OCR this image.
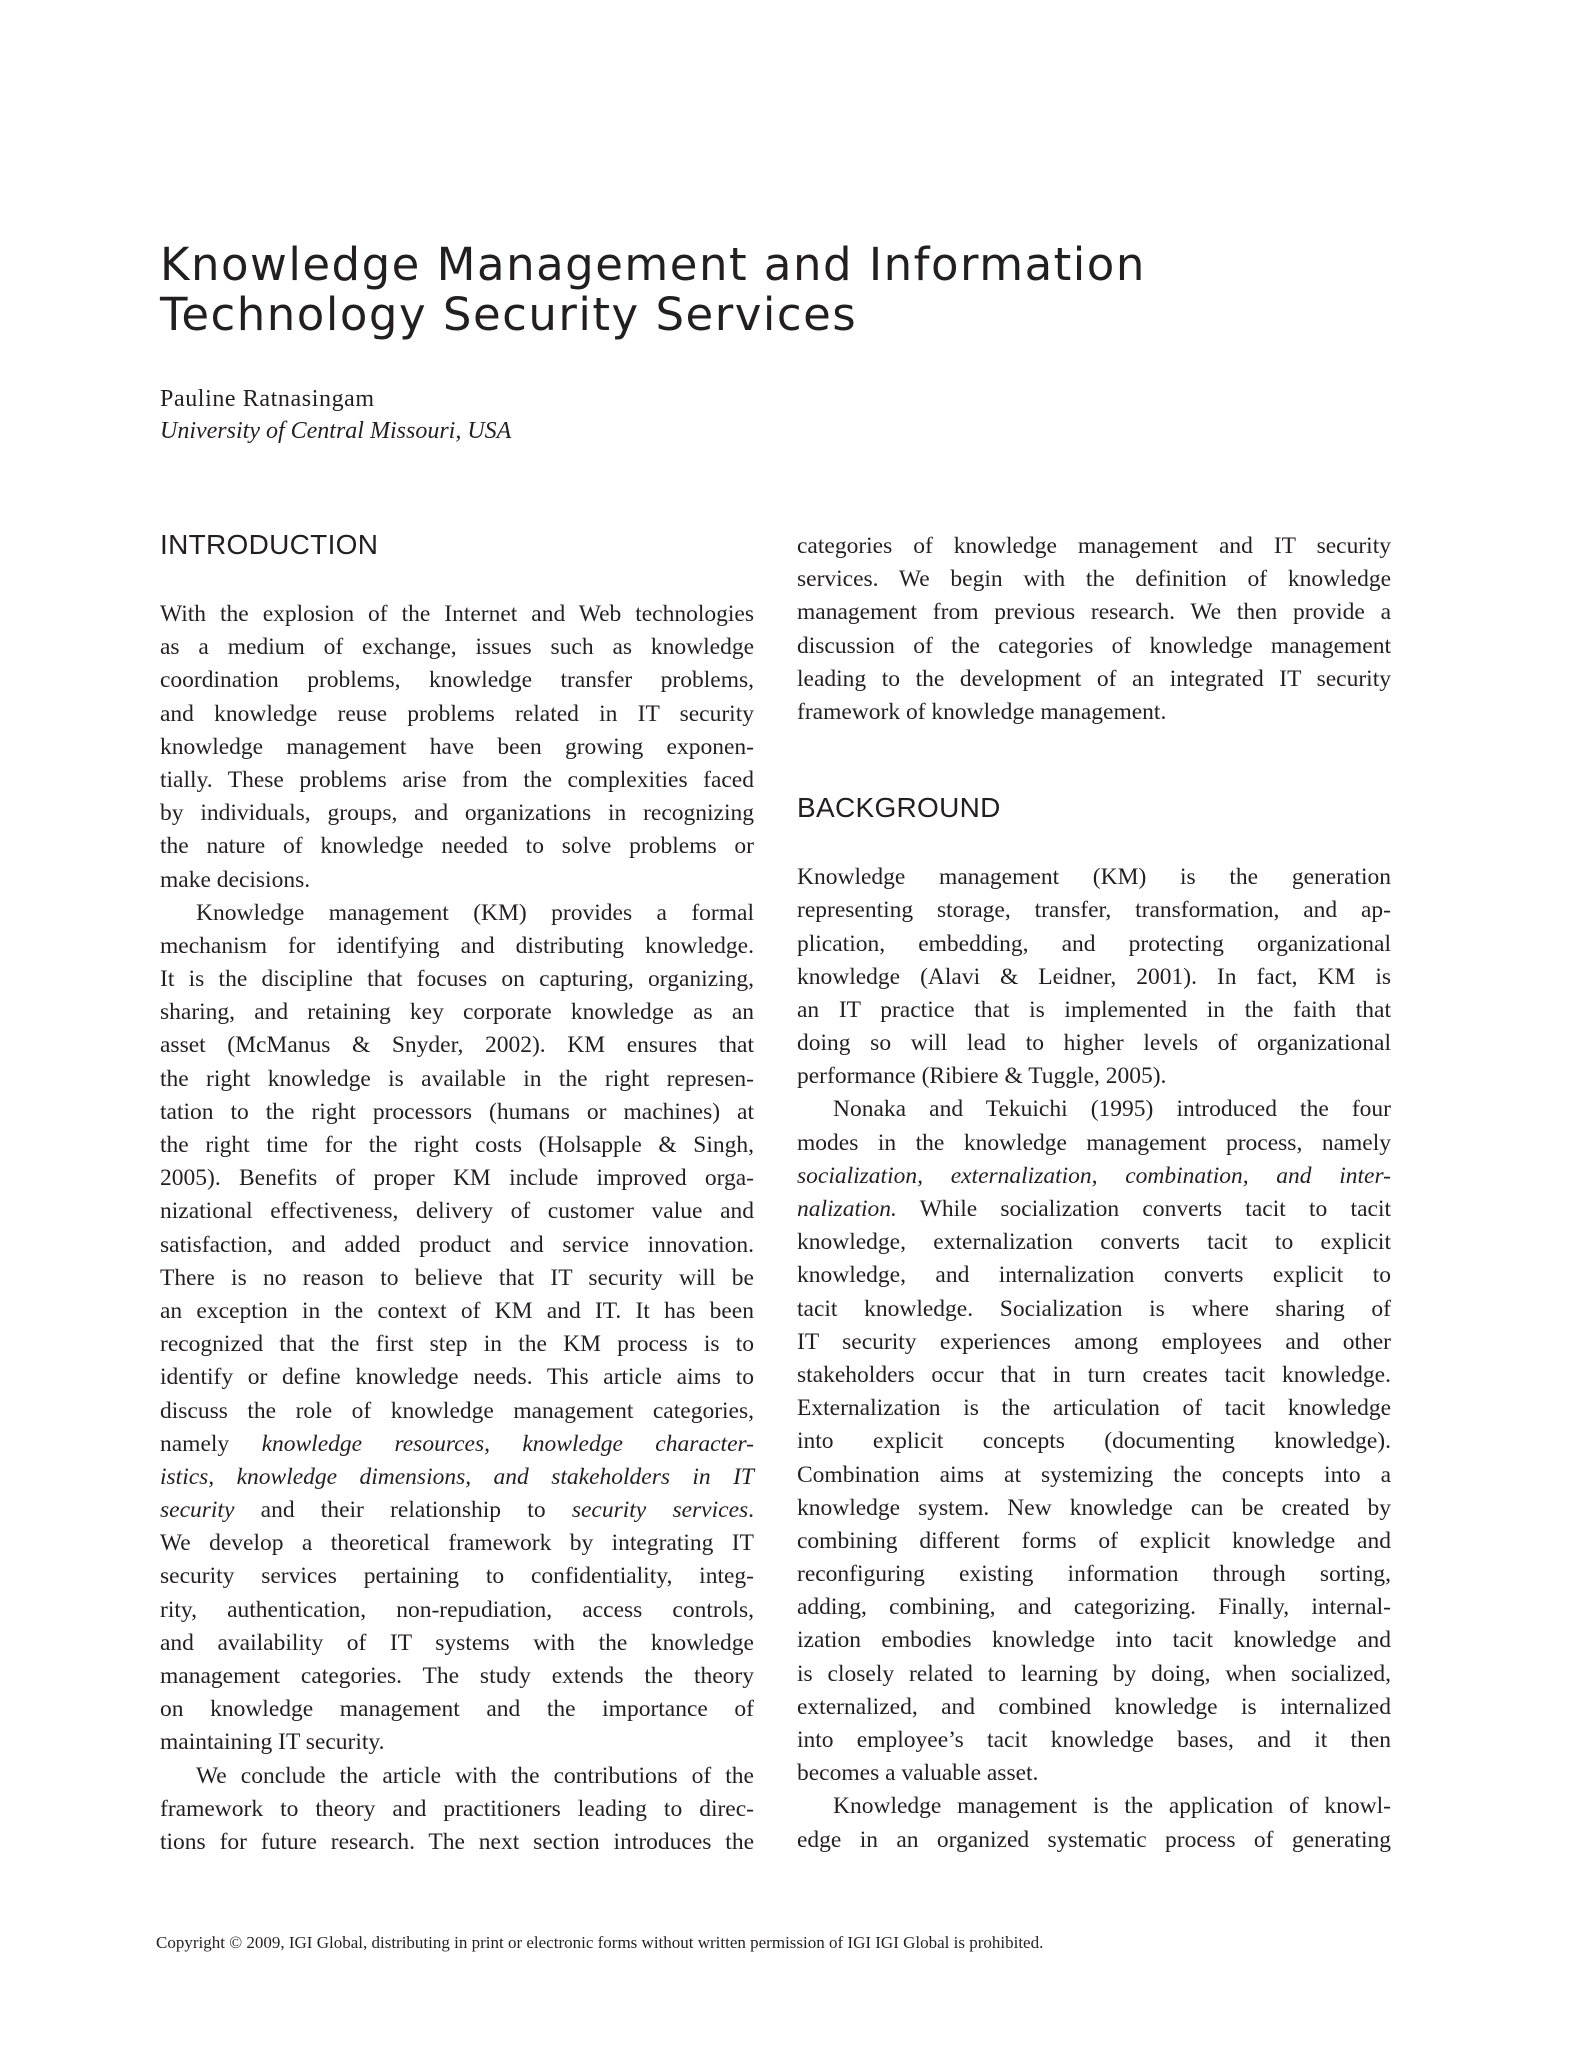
Knowledge Management and Information
Technology Security Services
Pauline Ratnasingam
University of Central Missouri, USA
INTRODUCTION
With the explosion of the Internet and Web technologies
as a medium of exchange, issues such as knowledge
coordination problems, knowledge transfer problems,
and knowledge reuse problems related in IT security
knowledge management have been growing exponen-
tially. These problems arise from the complexities faced
by individuals, groups, and organizations in recognizing
the nature of knowledge needed to solve problems or
make decisions.
Knowledge management (KM) provides a formal
mechanism for identifying and distributing knowledge.
It is the discipline that focuses on capturing, organizing,
sharing, and retaining key corporate knowledge as an
asset (McManus & Snyder, 2002). KM ensures that
the right knowledge is available in the right represen-
tation to the right processors (humans or machines) at
the right time for the right costs (Holsapple & Singh,
2005). Benefits of proper KM include improved orga-
nizational effectiveness, delivery of customer value and
satisfaction, and added product and service innovation.
There is no reason to believe that IT security will be
an exception in the context of KM and IT. It has been
recognized that the first step in the KM process is to
identify or define knowledge needs. This article aims to
discuss the role of knowledge management categories,
namely knowledge resources, knowledge character-
istics, knowledge dimensions, and stakeholders in IT
security and their relationship to security services.
We develop a theoretical framework by integrating IT
security services pertaining to confidentiality, integ-
rity, authentication, non-repudiation, access controls,
and availability of IT systems with the knowledge
management categories. The study extends the theory
on knowledge management and the importance of
maintaining IT security.
We conclude the article with the contributions of the
framework to theory and practitioners leading to direc-
tions for future research. The next section introduces the
categories of knowledge management and IT security
services. We begin with the definition of knowledge
management from previous research. We then provide a
discussion of the categories of knowledge management
leading to the development of an integrated IT security
framework of knowledge management.
BACKGROUND
Knowledge management (KM) is the generation
representing storage, transfer, transformation, and ap-
plication, embedding, and protecting organizational
knowledge (Alavi & Leidner, 2001). In fact, KM is
an IT practice that is implemented in the faith that
doing so will lead to higher levels of organizational
performance (Ribiere & Tuggle, 2005).
Nonaka and Tekuichi (1995) introduced the four
modes in the knowledge management process, namely
socialization, externalization, combination, and inter-
nalization. While socialization converts tacit to tacit
knowledge, externalization converts tacit to explicit
knowledge, and internalization converts explicit to
tacit knowledge. Socialization is where sharing of
IT security experiences among employees and other
stakeholders occur that in turn creates tacit knowledge.
Externalization is the articulation of tacit knowledge
into explicit concepts (documenting knowledge).
Combination aims at systemizing the concepts into a
knowledge system. New knowledge can be created by
combining different forms of explicit knowledge and
reconfiguring existing information through sorting,
adding, combining, and categorizing. Finally, internal-
ization embodies knowledge into tacit knowledge and
is closely related to learning by doing, when socialized,
externalized, and combined knowledge is internalized
into employee’s tacit knowledge bases, and it then
becomes a valuable asset.
Knowledge management is the application of knowl-
edge in an organized systematic process of generating
Copyright © 2009, IGI Global, distributing in print or electronic forms without written permission of IGI IGI Global is prohibited.
